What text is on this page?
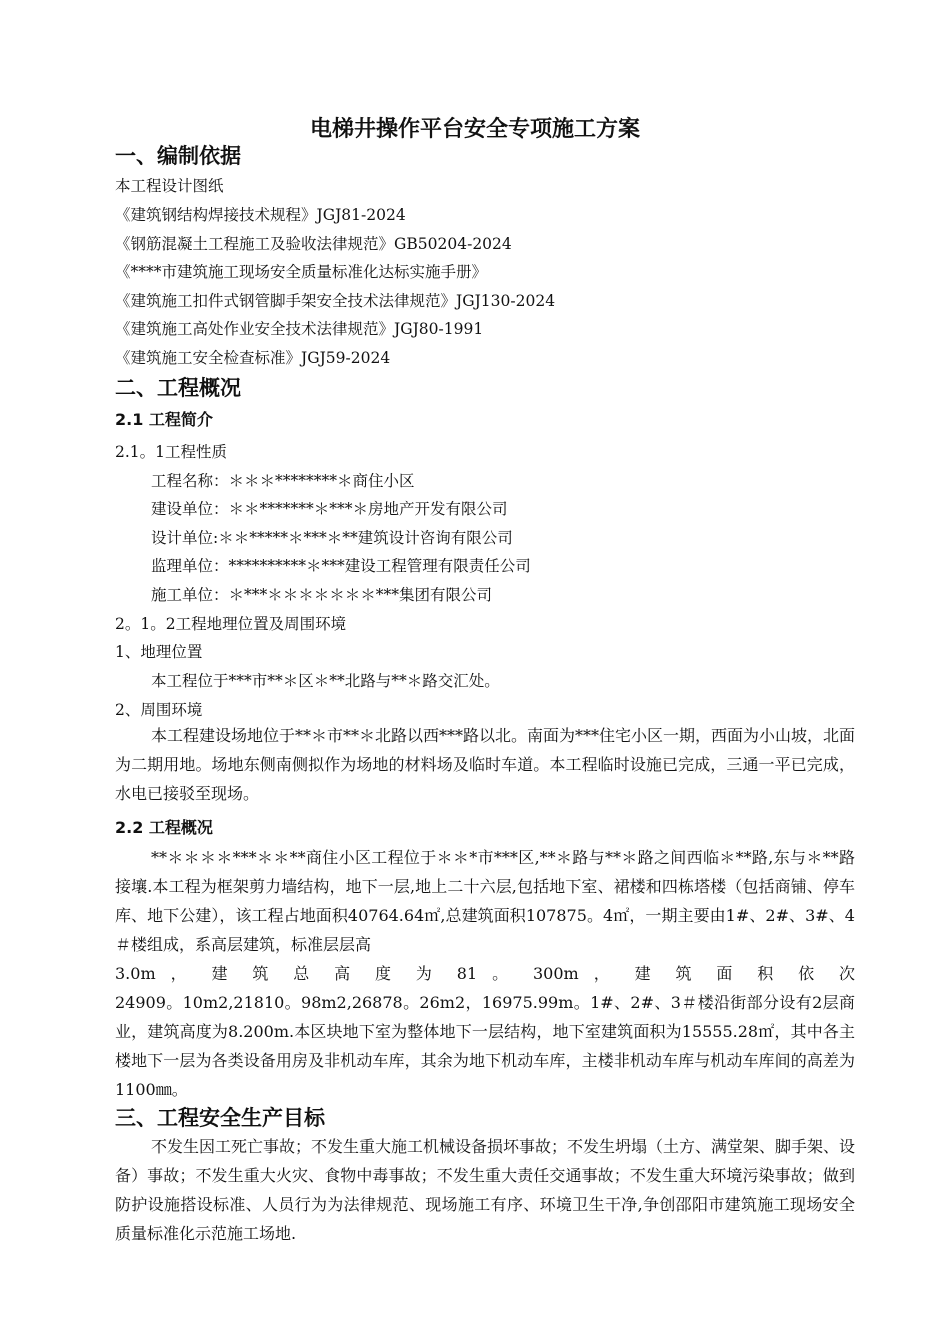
电梯井操作平台安全专项施工方案
一、编制依据
本工程设计图纸
《建筑钢结构焊接技术规程》JGJ81-2024
《钢筋混凝土工程施工及验收法律规范》GB50204-2024
《****市建筑施工现场安全质量标准化达标实施手册》
《建筑施工扣件式钢管脚手架安全技术法律规范》JGJ130-2024
《建筑施工高处作业安全技术法律规范》JGJ80-1991
《建筑施工安全检查标准》JGJ59-2024
二、工程概况
2.1 工程简介
2.1。1工程性质
工程名称：＊＊＊********＊商住小区
建设单位：＊＊*******＊***＊房地产开发有限公司
设计单位:＊＊*****＊***＊**建筑设计咨询有限公司
监理单位：**********＊***建设工程管理有限责任公司
施工单位：＊***＊＊＊＊＊＊＊***集团有限公司
2。1。2工程地理位置及周围环境
1、地理位置
本工程位于***市**＊区＊**北路与**＊路交汇处。
2、周围环境
本工程建设场地位于**＊市**＊北路以西***路以北。南面为***住宅小区一期，西面为小山坡，北面为二期用地。场地东侧南侧拟作为场地的材料场及临时车道。本工程临时设施已完成，三通一平已完成，水电已接驳至现场。
2.2 工程概况
**＊＊＊＊***＊＊**商住小区工程位于＊＊*市***区,**＊路与**＊路之间西临＊**路,东与＊**路接壤.本工程为框架剪力墙结构，地下一层,地上二十六层,包括地下室、裙楼和四栋塔楼（包括商铺、停车库、地下公建），该工程占地面积40764.64㎡,总建筑面积107875。4㎡，一期主要由1#、2#、3#、4＃楼组成，系高层建筑，标准层层高
3.0m ， 建 筑 总 高 度 为 81 。 300m ， 建 筑 面 积 依 次
24909。10m2,21810。98m2,26878。26m2，16975.99m。1#、2#、3＃楼沿街部分设有2层商业，建筑高度为8.200m.本区块地下室为整体地下一层结构，地下室建筑面积为15555.28㎡，其中各主楼地下一层为各类设备用房及非机动车库，其余为地下机动车库，主楼非机动车库与机动车库间的高差为1100㎜。
三、工程安全生产目标
不发生因工死亡事故；不发生重大施工机械设备损坏事故；不发生坍塌（土方、满堂架、脚手架、设备）事故；不发生重大火灾、食物中毒事故；不发生重大责任交通事故；不发生重大环境污染事故；做到防护设施搭设标准、人员行为为法律规范、现场施工有序、环境卫生干净,争创邵阳市建筑施工现场安全质量标准化示范施工场地.
